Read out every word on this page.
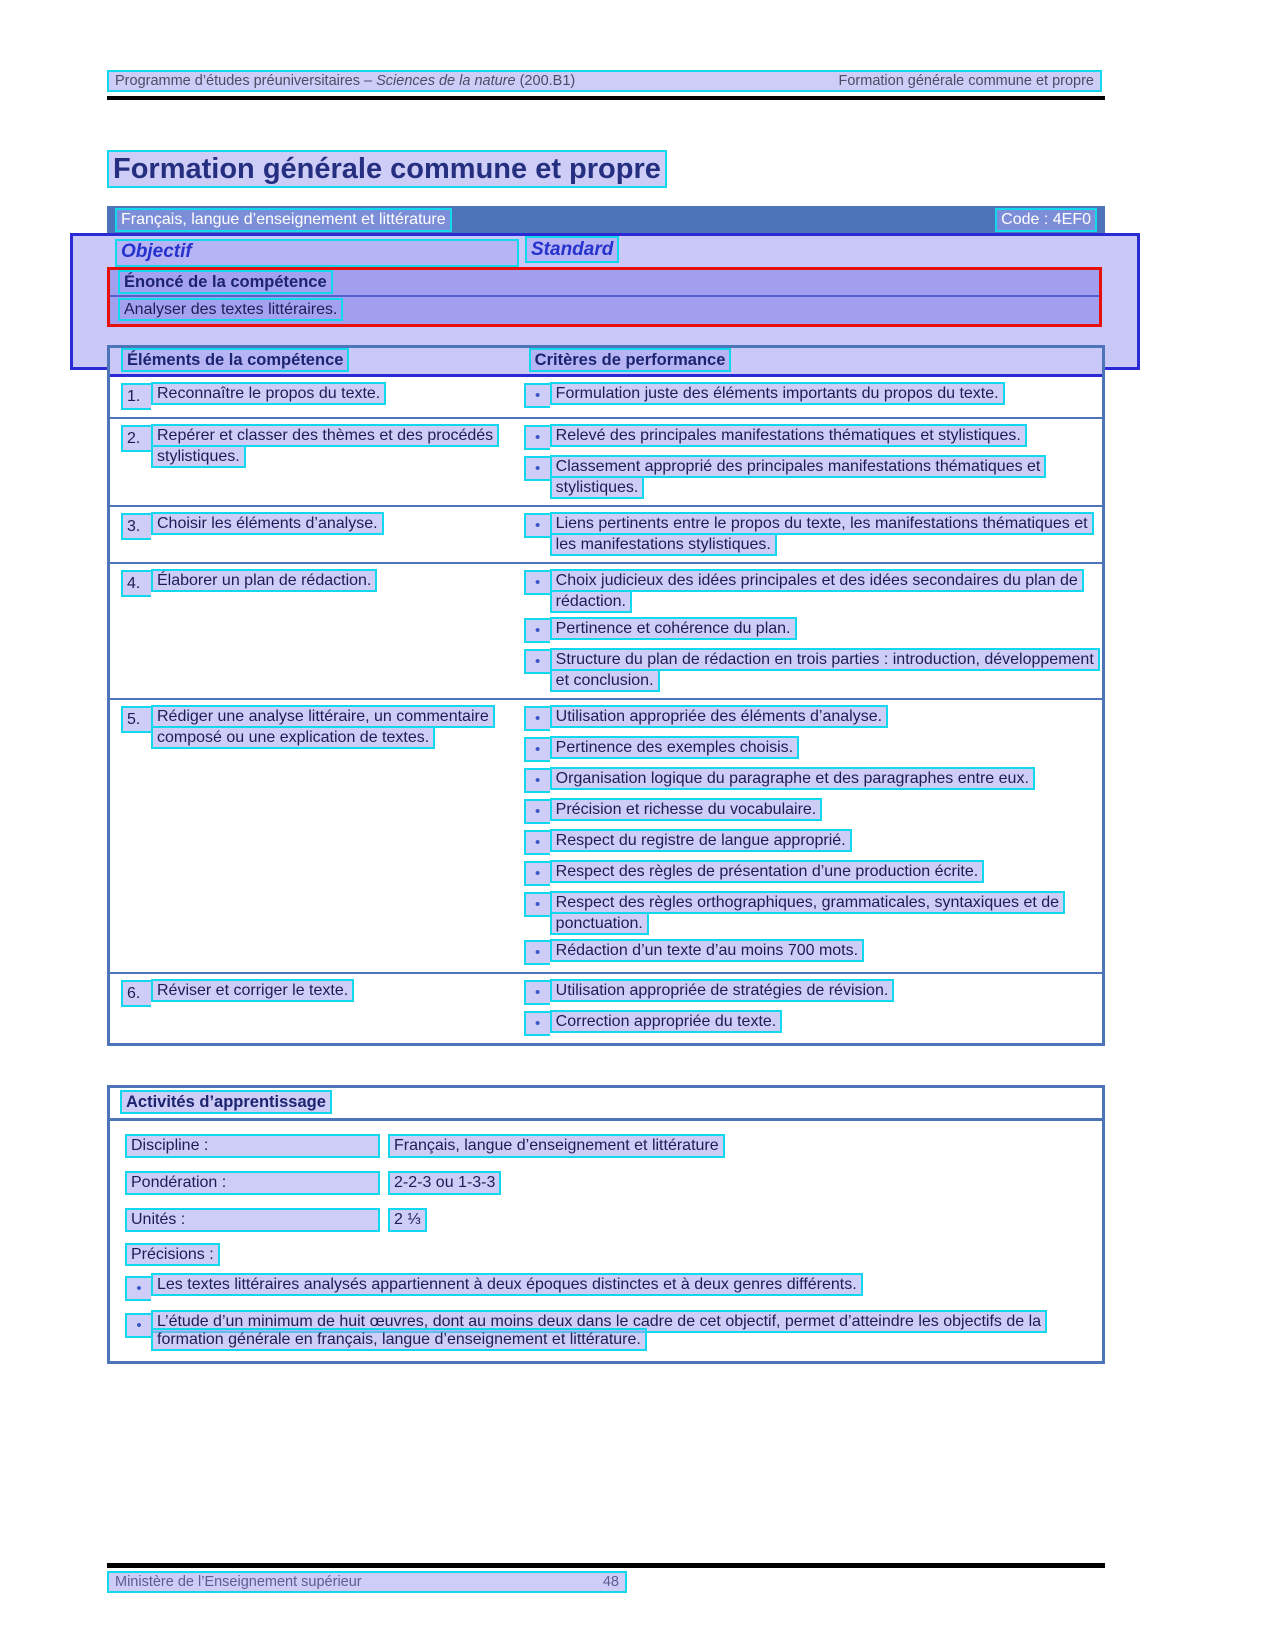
Programme d’études préuniversitaires – Sciences de la nature (200.B1)	Formation générale commune et propre
Formation générale commune et propre
Français, langue d’enseignement et littérature	Code : 4EF0
Objectif	Standard
Énoncé de la compétence
Analyser des textes littéraires.
Éléments de la compétence	Critères de performance
1.	Reconnaître le propos du texte.	• Formulation juste des éléments importants du propos du texte.
2.	Repérer et classer des thèmes et des procédés stylistiques.
• Relevé des principales manifestations thématiques et stylistiques.
• Classement approprié des principales manifestations thématiques et stylistiques.
3.	Choisir les éléments d’analyse.	• Liens pertinents entre le propos du texte, les manifestations thématiques et les manifestations stylistiques.
4.	Élaborer un plan de rédaction.	• Choix judicieux des idées principales et des idées secondaires du plan de rédaction.
• Pertinence et cohérence du plan.
• Structure du plan de rédaction en trois parties : introduction, développement et conclusion.
5.	Rédiger une analyse littéraire, un commentaire composé ou une explication de textes.
• Utilisation appropriée des éléments d’analyse.
• Pertinence des exemples choisis.
• Organisation logique du paragraphe et des paragraphes entre eux.
• Précision et richesse du vocabulaire.
• Respect du registre de langue approprié.
• Respect des règles de présentation d’une production écrite.
• Respect des règles orthographiques, grammaticales, syntaxiques et de ponctuation.
• Rédaction d’un texte d’au moins 700 mots.
6.	Réviser et corriger le texte.	• Utilisation appropriée de stratégies de révision.
• Correction appropriée du texte.
Activités d’apprentissage
Discipline :	Français, langue d’enseignement et littérature
Pondération :	2-2-3 ou 1-3-3
Unités :	2 ⅓
Précisions :
• Les textes littéraires analysés appartiennent à deux époques distinctes et à deux genres différents.
• L’étude d’un minimum de huit œuvres, dont au moins deux dans le cadre de cet objectif, permet d’atteindre les objectifs de la formation générale en français, langue d’enseignement et littérature.
Ministère de l’Enseignement supérieur	48
